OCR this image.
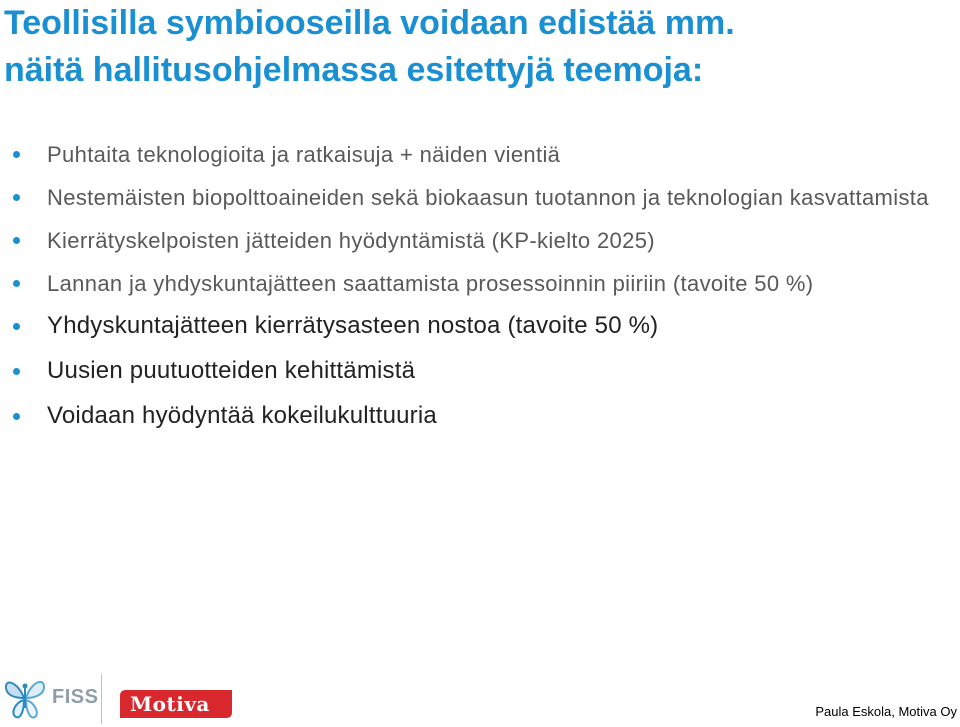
Teollisilla symbiooseilla voidaan edistää mm.
näitä hallitusohjelmassa esitettyjä teemoja:
Puhtaita teknologioita ja ratkaisuja + näiden vientiä
Nestemäisten biopolttoaineiden sekä biokaasun tuotannon ja teknologian kasvattamista
Kierrätyskelpoisten jätteiden hyödyntämistä (KP-kielto 2025)
Lannan ja yhdyskuntajätteen saattamista prosessoinnin piiriin (tavoite 50 %)
Yhdyskuntajätteen kierrätysasteen nostoa (tavoite 50 %)
Uusien puutuotteiden kehittämistä
Voidaan hyödyntää kokeilukulttuuria
FISS Motiva	Paula Eskola, Motiva Oy
